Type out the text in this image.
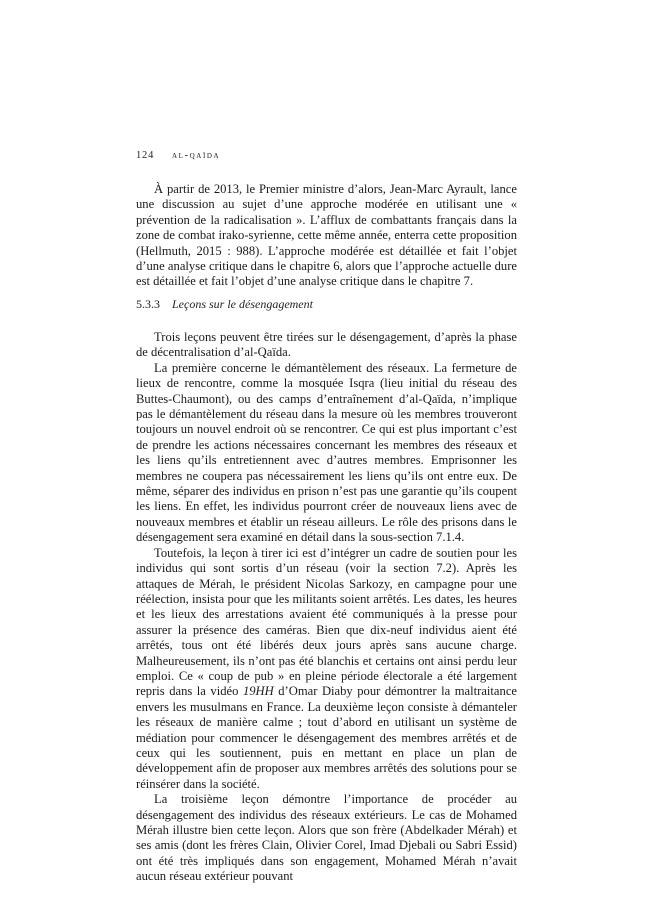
124 al-qaïda

À partir de 2013, le Premier ministre d’alors, Jean-Marc Ayrault, lance une discussion au sujet d’une approche modérée en utilisant une « prévention de la radicalisation ». L’afflux de combattants français dans la zone de combat irako-syrienne, cette même année, enterra cette proposition (Hellmuth, 2015 : 988). L’approche modérée est détaillée et fait l’objet d’une analyse critique dans le chapitre 6, alors que l’approche actuelle dure est détaillée et fait l’objet d’une analyse critique dans le chapitre 7.

5.3.3 Leçons sur le désengagement

Trois leçons peuvent être tirées sur le désengagement, d’après la phase de décentralisation d’al-Qaïda.

La première concerne le démantèlement des réseaux. La fermeture de lieux de rencontre, comme la mosquée Isqra (lieu initial du réseau des Buttes-Chaumont), ou des camps d’entraînement d’al-Qaïda, n’implique pas le démantèlement du réseau dans la mesure où les membres trouveront toujours un nouvel endroit où se rencontrer. Ce qui est plus important c’est de prendre les actions nécessaires concernant les membres des réseaux et les liens qu’ils entretiennent avec d’autres membres. Emprisonner les membres ne coupera pas nécessairement les liens qu’ils ont entre eux. De même, séparer des individus en prison n’est pas une garantie qu’ils coupent les liens. En effet, les individus pourront créer de nouveaux liens avec de nouveaux membres et établir un réseau ailleurs. Le rôle des prisons dans le désengagement sera examiné en détail dans la sous-section 7.1.4.

Toutefois, la leçon à tirer ici est d’intégrer un cadre de soutien pour les individus qui sont sortis d’un réseau (voir la section 7.2). Après les attaques de Mérah, le président Nicolas Sarkozy, en campagne pour une réélection, insista pour que les militants soient arrêtés. Les dates, les heures et les lieux des arrestations avaient été communiqués à la presse pour assurer la présence des caméras. Bien que dix-neuf individus aient été arrêtés, tous ont été libérés deux jours après sans aucune charge. Malheureusement, ils n’ont pas été blanchis et certains ont ainsi perdu leur emploi. Ce « coup de pub » en pleine période électorale a été largement repris dans la vidéo 19HH d’Omar Diaby pour démontrer la maltraitance envers les musulmans en France. La deuxième leçon consiste à démanteler les réseaux de manière calme ; tout d’abord en utilisant un système de médiation pour commencer le désengagement des membres arrêtés et de ceux qui les soutiennent, puis en mettant en place un plan de développement afin de proposer aux membres arrêtés des solutions pour se réinsérer dans la société.

La troisième leçon démontre l’importance de procéder au désengagement des individus des réseaux extérieurs. Le cas de Mohamed Mérah illustre bien cette leçon. Alors que son frère (Abdelkader Mérah) et ses amis (dont les frères Clain, Olivier Corel, Imad Djebali ou Sabri Essid) ont été très impliqués dans son engagement, Mohamed Mérah n’avait aucun réseau extérieur pouvant
